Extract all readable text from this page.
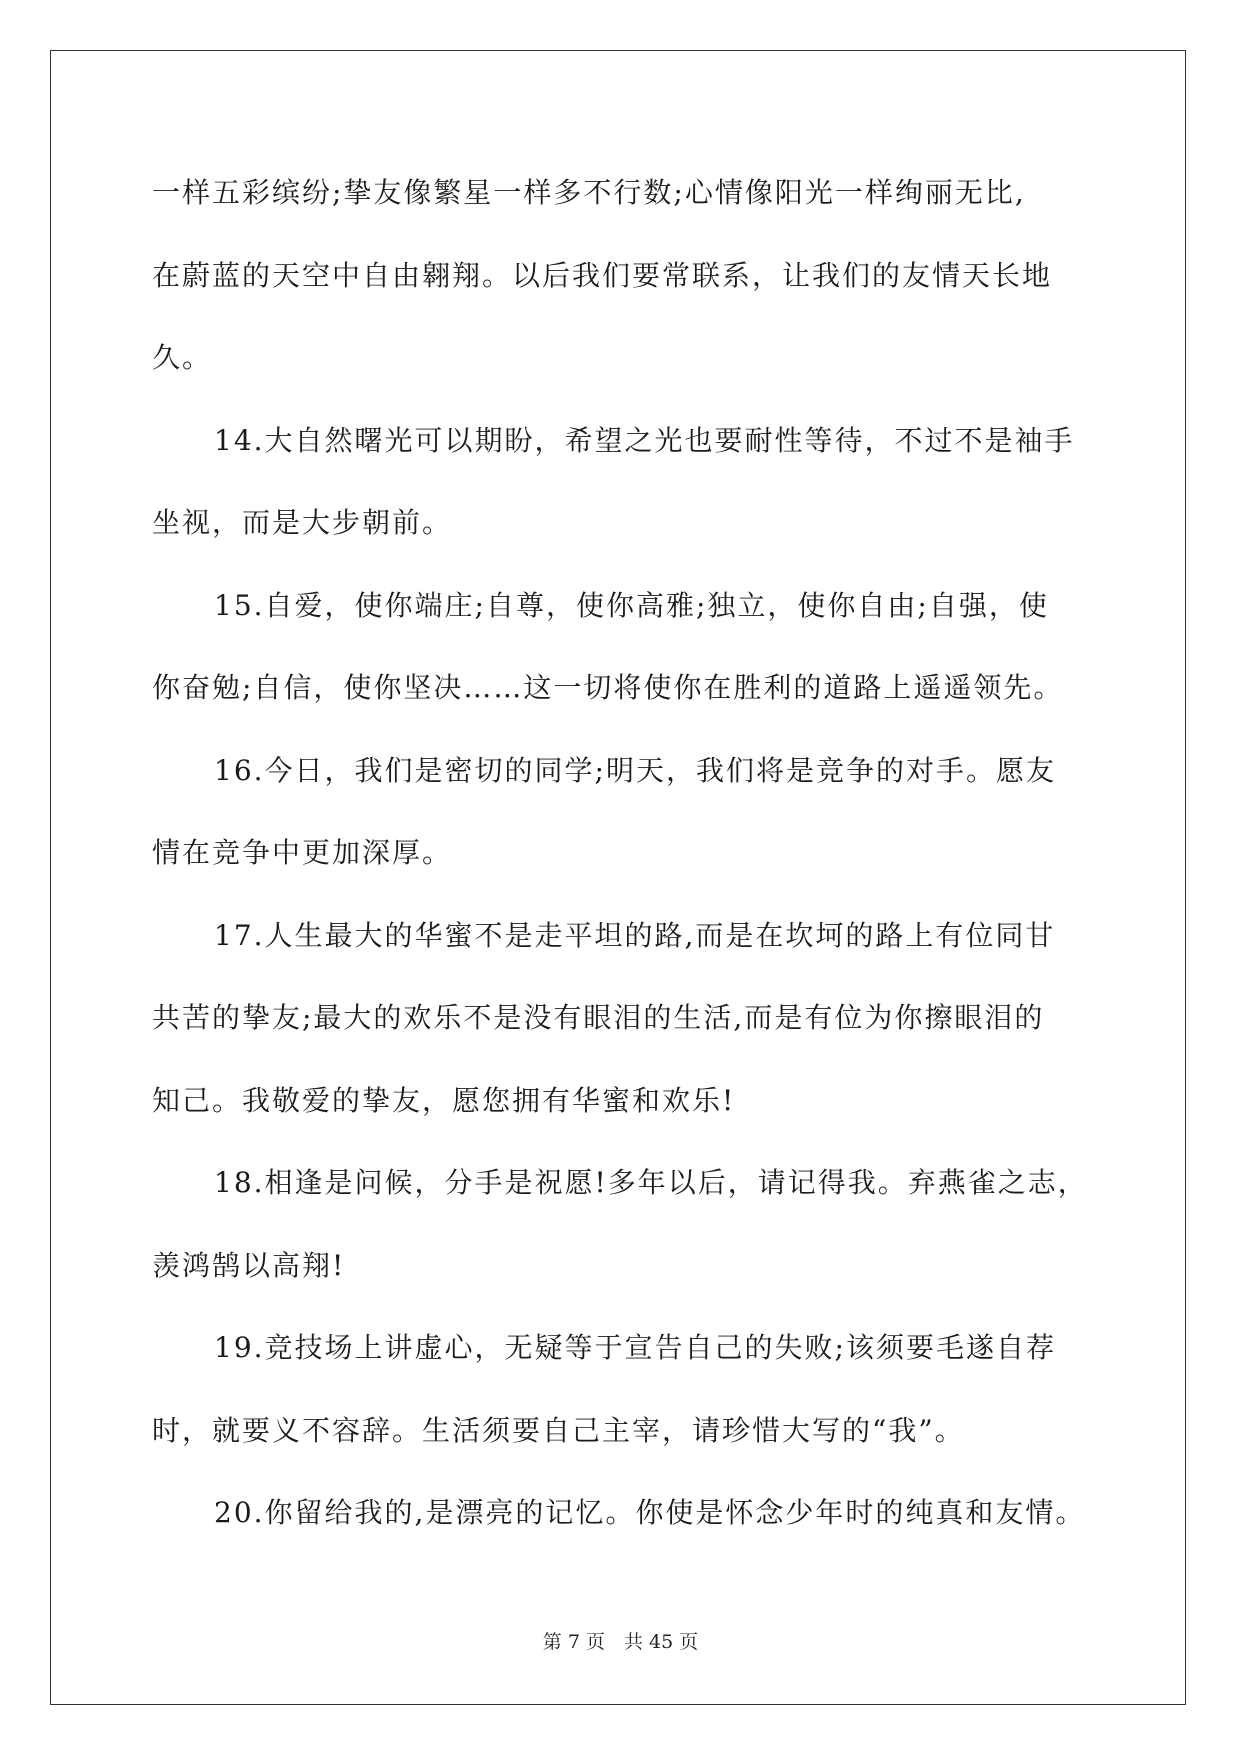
一样五彩缤纷;挚友像繁星一样多不行数;心情像阳光一样绚丽无比,
在蔚蓝的天空中自由翱翔。以后我们要常联系，让我们的友情天长地
久。
14.大自然曙光可以期盼，希望之光也要耐性等待，不过不是袖手
坐视，而是大步朝前。
15.自爱，使你端庄;自尊，使你高雅;独立，使你自由;自强，使
你奋勉;自信，使你坚决……这一切将使你在胜利的道路上遥遥领先。
16.今日，我们是密切的同学;明天，我们将是竞争的对手。愿友
情在竞争中更加深厚。
17.人生最大的华蜜不是走平坦的路,而是在坎坷的路上有位同甘
共苦的挚友;最大的欢乐不是没有眼泪的生活,而是有位为你擦眼泪的
知己。我敬爱的挚友，愿您拥有华蜜和欢乐!
18.相逢是问候，分手是祝愿!多年以后，请记得我。弃燕雀之志，
羡鸿鹄以高翔!
19.竞技场上讲虚心，无疑等于宣告自己的失败;该须要毛遂自荐
时，就要义不容辞。生活须要自己主宰，请珍惜大写的“我”。
20.你留给我的,是漂亮的记忆。你使是怀念少年时的纯真和友情。
第 7 页　共 45 页
